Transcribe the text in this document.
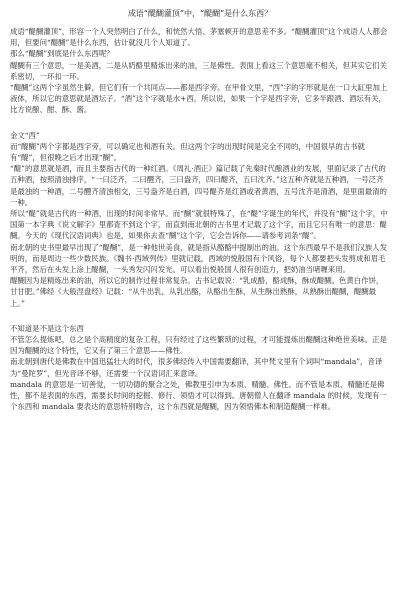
成语“醍醐灌顶”中，“醍醐”是什么东西？

成语“醍醐灌顶”，形容一个人突然明白了什么，和恍然大悟、茅塞顿开的意思差不多。“醍醐灌顶”这个成语人人都会用，但要问“醍醐”是什么东西，估计就没几个人知道了。

那么“醍醐”到底是什么东西呢？

醍醐有三个意思，一是美酒，二是从奶酪里精炼出来的油，三是佛性。表面上看这三个意思毫不相关，但其实它们关系密切，一环扣一环。

“醍醐”这两个字虽然生僻，但它们有一个共同点——都是西字旁。在甲骨文里，“西”字的字形就是在一口大缸里加上液体，所以它的意思就是酒坛子。“酒”这个字就是水+西。所以说，如果一个字是西字旁，它多半跟酒、酒坛有关，比方说酿、酣、酥、酱。

金文“西”

而“醍醐”两个字都是西字旁，可以确定也和酒有关。但这两个字的出现时间是完全不同的，中国很早的古书就有“醍”，但很晚之后才出现“醐”。

“醍”的意思就是酒，而且主要指古代的一种红酒。《周礼·酒正》篇记载了先秦时代酿酒业的发展，里面记录了古代的五种酒，按照清浊排序，“一曰泛齐，二曰醴齐，三曰盎齐，四曰醍齐，五曰沈齐。”这五种齐就是五种酒，一号泛齐是最浊的一种酒，二号醴齐清浊相交，三号盎齐是白酒，四号醍齐是红酒或者黄酒，五号沈齐是清酒，是里面最清的一种。

所以“醍”就是古代的一种酒，出现的时间非常早。而“醐”就很特殊了，在“醍”字诞生的年代，并没有“醐”这个字，中国第一本字典《说文解字》里都查不到这个字，而直到南北朝的古书里才记载了这个字，而且它只有唯一的意思：醍醐。今天的《现代汉语词典》也是，如果你去查“醐”这个字，它会告诉你——请参考词条“醍”。

南北朝的史书里最早出现了“醍醐”，是一种他世美食，就是指从酪酪中提制出的油。这个东西最早不是我们汉族人发明的，而是周边一些少数民族。《魏书·西域列传》里就记载，西域的悦般国有个风俗，每个人都要把头发剪成和眉毛平齐，然后在头发上涂上醍醐，一头秀发闪闪发光。可以看出悦般国人很有创造力，把奶油当啫喱来用。

醍醐因为是精炼出来的油，所以它的制作过程非常复杂。古书记载说：“乳成酪，酪成酥，酥成醍醐。色黄白作饼，甘甘肥。”佛经《大般涅盘经》记载：“从牛出乳，从乳出酪，从酪出生酥，从生酥出熟酥，从熟酥出醍醐，醍醐最上。”

不知道是不是这个东西

不管怎么提炼吧，总之是个高精度的复杂工程，只有经过了这些繁琐的过程，才可能提炼出醍醐这种绝世美味。正是因为醍醐的这个特性，它又有了第三个意思——佛性。

南北朝到唐代是佛教在中国迅猛壮大的时代，很多佛经传入中国需要翻译，其中梵文里有个词叫“mandala”，音译为“曼陀罗”，但光音译不够，还需要一个汉语词汇来意译。

mandala 的意思是一切善觉，一切功德的聚合之处，佛教里引申为本质、精髓、佛性。而不管是本质、精髓还是佛性，都不是表面的东西，需要长时间的挖掘、修行、领悟才可以得到。唐朝僧人在翻译 mandala 的时候，发现有一个东西和 mandala 要表达的意思特别吻合，这个东西就是醍醐，因为领悟佛本和制造醍醐一样难。
